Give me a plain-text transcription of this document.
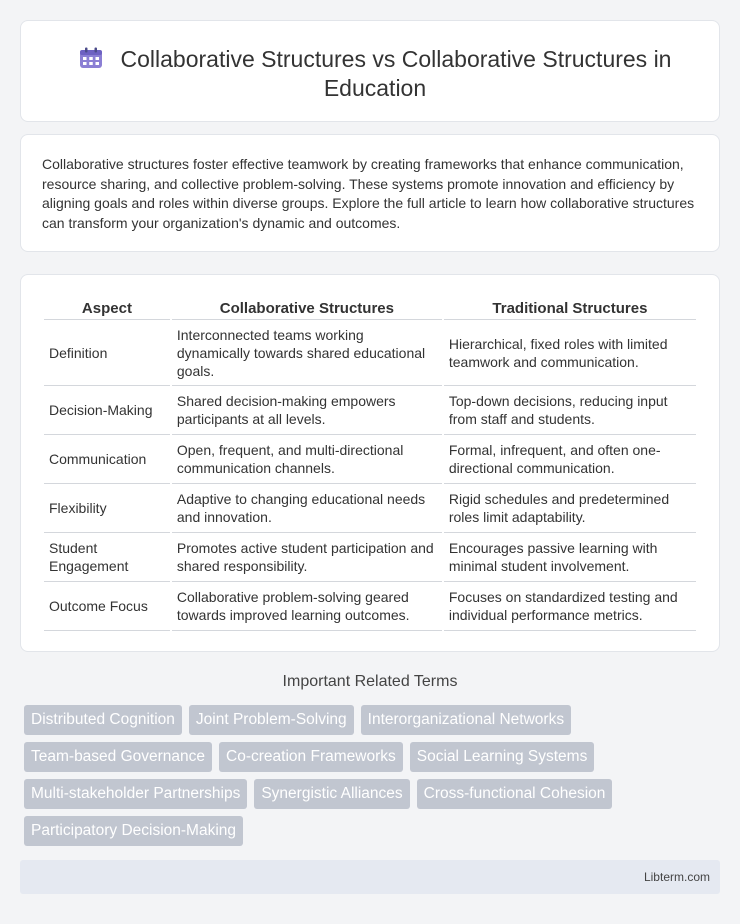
Collaborative Structures vs Collaborative Structures in Education

Collaborative structures foster effective teamwork by creating frameworks that enhance communication, resource sharing, and collective problem-solving. These systems promote innovation and efficiency by aligning goals and roles within diverse groups. Explore the full article to learn how collaborative structures can transform your organization's dynamic and outcomes.

Aspect	Collaborative Structures	Traditional Structures
Definition	Interconnected teams working dynamically towards shared educational goals.	Hierarchical, fixed roles with limited teamwork and communication.
Decision-Making	Shared decision-making empowers participants at all levels.	Top-down decisions, reducing input from staff and students.
Communication	Open, frequent, and multi-directional communication channels.	Formal, infrequent, and often one-directional communication.
Flexibility	Adaptive to changing educational needs and innovation.	Rigid schedules and predetermined roles limit adaptability.
Student Engagement	Promotes active student participation and shared responsibility.	Encourages passive learning with minimal student involvement.
Outcome Focus	Collaborative problem-solving geared towards improved learning outcomes.	Focuses on standardized testing and individual performance metrics.
Important Related Terms
Distributed Cognition	Joint Problem-Solving	Interorganizational Networks
Team-based Governance	Co-creation Frameworks	Social Learning Systems
Multi-stakeholder Partnerships	Synergistic Alliances	Cross-functional Cohesion
Participatory Decision-Making
Libterm.com
